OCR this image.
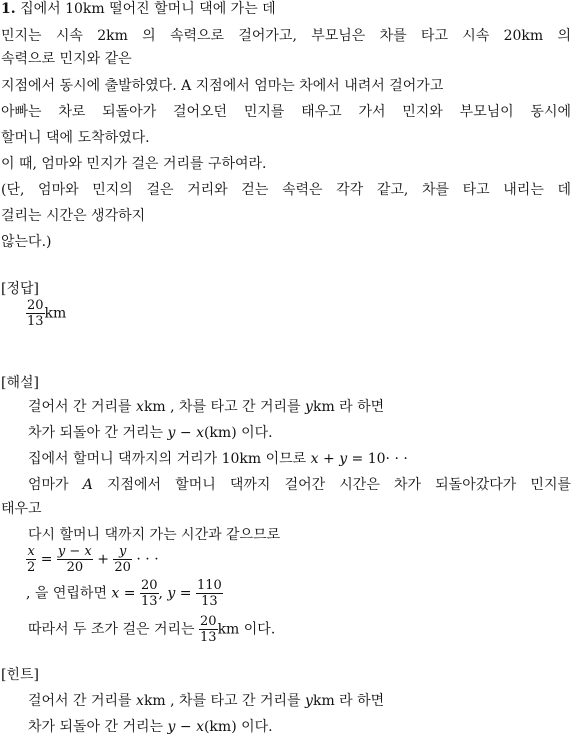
1. 집에서 10km 떨어진 할머니 댁에 가는 데
민지는 시속 2km 의 속력으로 걸어가고, 부모님은 차를 타고 시속 20km 의
속력으로 민지와 같은
지점에서 동시에 출발하였다. A 지점에서 엄마는 차에서 내려서 걸어가고
아빠는 차로 되돌아가 걸어오던 민지를 태우고 가서 민지와 부모님이 동시에
할머니 댁에 도착하였다.
이 때, 엄마와 민지가 걸은 거리를 구하여라.
(단, 엄마와 민지의 걸은 거리와 걷는 속력은 각각 같고, 차를 타고 내리는 데
걸리는 시간은 생각하지
않는다.)
[정답]
$\frac{20}{13}$ km
[해설]
걸어서 간 거리를 xkm , 차를 타고 간 거리를 ykm 라 하면
차가 되돌아 간 거리는 y − x(km) 이다.
집에서 할머니 댁까지의 거리가 10km 이므로 x + y = 10· · ·
엄마가 A 지점에서 할머니 댁까지 걸어간 시간은 차가 되돌아갔다가 민지를
태우고
다시 할머니 댁까지 가는 시간과 같으므로
$\frac{x}{2} = \frac{y - x}{20} + \frac{y}{20}$ · · ·
, 을 연립하면 $x = \frac{20}{13}$ , $y = \frac{110}{13}$
따라서 두 조가 걸은 거리는 $\frac{20}{13}$ km 이다.
[힌트]
걸어서 간 거리를 xkm , 차를 타고 간 거리를 ykm 라 하면
차가 되돌아 간 거리는 y − x(km) 이다.
